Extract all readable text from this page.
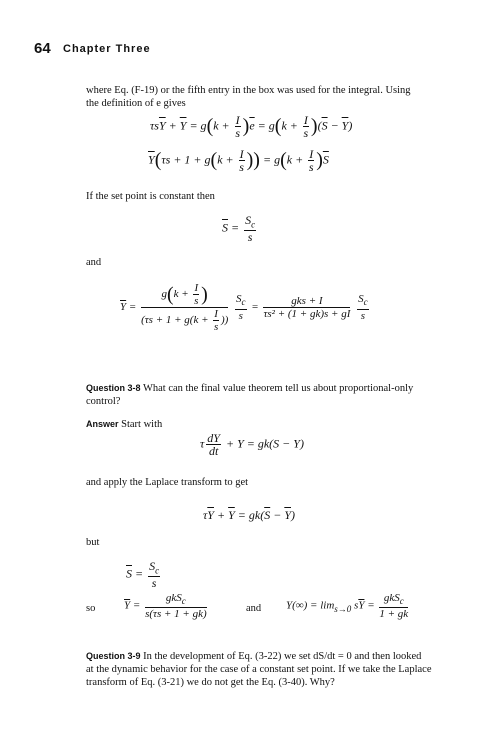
64 Chapter Three
where Eq. (F-19) or the fifth entry in the box was used for the integral. Using
the definition of e gives
$\tau s\overline{Y} + \overline{Y} = g(k + \frac{I}{s} )\overline{e} = g(k + \frac{I}{s} )(\overline{S} - \overline{Y})$
$\overline{Y}(\tau s + 1 + g(k + \frac{I}{s}$ )) = $g(k + \frac{I}{s} )\overline{S}$
If the set point is constant then
$\overline{S} = \frac{S_c}{s}$
and
$\overline{Y} = \frac{g(k + \frac{I}{s} )}{(\tau s + 1 + g(k + \frac{I}{s} ))}$
$\frac{S_c}{s} = \frac{\text{gks + I}}{\text{τs² + (1 + gk)s + gI}}$
$\frac{S_c}{s}$
Question 3-8 What can the final value theorem tell us about proportional-only
control?
Answer Start with
τ $\frac{dY}{dt} + Y = gk(S - Y)$
and apply the Laplace transform to get
$\tau\overline{Y} + \overline{Y} = gk(\overline{S} - \overline{Y})$
but
$\overline{S} = \frac{S_c}{s}$
so	$\overline{Y} = \frac{gkS_c}{s(\tau s + 1 + gk)}$	and $Y(\infty) = \lim_{s\to 0} s\overline{Y} = \frac{gkS_c}{1 + gk}$
Question 3-9 In the development of Eq. (3-22) we set dS/dt = 0 and then looked
at the dynamic behavior for the case of a constant set point. If we take the Laplace
transform of Eq. (3-21) we do not get the Eq. (3-40). Why?
